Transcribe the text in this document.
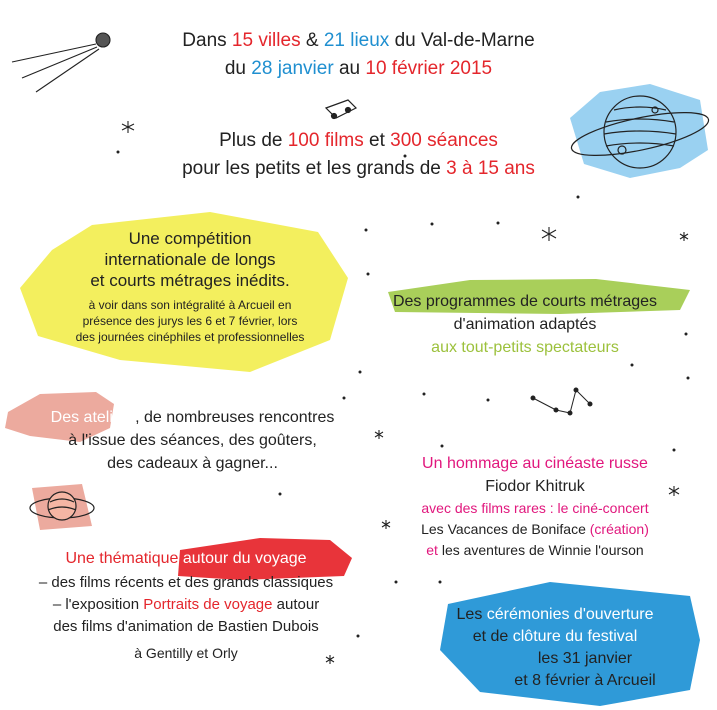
Dans 15 villes & 21 lieux du Val-de-Marne
du 28 janvier au 10 février 2015
Plus de 100 films et 300 séances
pour les petits et les grands de 3 à 15 ans
Une compétition
internationale de longs
et courts métrages inédits.
à voir dans son intégralité à Arcueil en
présence des jurys les 6 et 7 février, lors
des journées cinéphiles et professionnelles
Des programmes de courts métrages
d'animation adaptés
aux tout-petits spectateurs
Des ateliers, de nombreuses rencontres
à l'issue des séances, des goûters,
des cadeaux à gagner...	Un hommage au cinéaste russe
Fiodor Khitruk
avec des films rares : le ciné-concert
Les Vacances de Boniface (création)
et les aventures de Winnie l'ourson
Une thématique autour du voyage
– des films récents et des grands classiques
– l'exposition Portraits de voyage autour
des films d'animation de Bastien Dubois
à Gentilly et Orly
Les cérémonies d'ouverture
et de clôture du festival
les 31 janvier
et 8 février à Arcueil
